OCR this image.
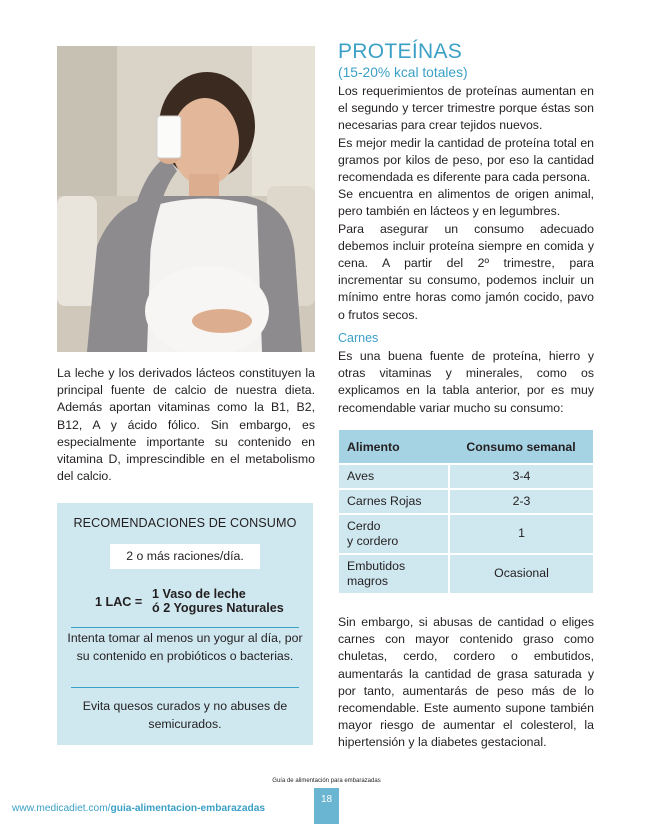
La leche y los derivados lácteos constituyen la principal fuente de calcio de nuestra dieta. Además aportan vitaminas como la B1, B2, B12, A y ácido fólico. Sin embargo, es especialmente importante su contenido en vitamina D, imprescindible en el metabolismo del calcio.

RECOMENDACIONES DE CONSUMO
2 o más raciones/día.
1 LAC =
1 Vaso de leche
ó 2 Yogures Naturales

Intenta tomar al menos un yogur al día, por su contenido en probióticos o bacterias.

Evita quesos curados y no abuses de semicurados.

PROTEÍNAS
(15-20% kcal totales)

Los requerimientos de proteínas aumentan en el segundo y tercer trimestre porque éstas son necesarias para crear tejidos nuevos.

Es mejor medir la cantidad de proteína total en gramos por kilos de peso, por eso la cantidad recomendada es diferente para cada persona.

Se encuentra en alimentos de origen animal, pero también en lácteos y en legumbres.

Para asegurar un consumo adecuado debemos incluir proteína siempre en comida y cena. A partir del 2º trimestre, para incrementar su consumo, podemos incluir un mínimo entre horas como jamón cocido, pavo o frutos secos.

Carnes

Es una buena fuente de proteína, hierro y otras vitaminas y minerales, como os explicamos en la tabla anterior, por es muy recomendable variar mucho su consumo:

Alimento	Consumo semanal
Aves	3-4
Carnes Rojas	2-3
Cerdo
y cordero	1
Embutidos
magros	Ocasional

Sin embargo, si abusas de cantidad o eliges carnes con mayor contenido graso como chuletas, cerdo, cordero o embutidos, aumentarás la cantidad de grasa saturada y por tanto, aumentarás de peso más de lo recomendable. Este aumento supone también mayor riesgo de aumentar el colesterol, la hipertensión y la diabetes gestacional.

Guía de alimentación para embarazadas
www.medicadiet.com/guia-alimentacion-embarazadas
18
